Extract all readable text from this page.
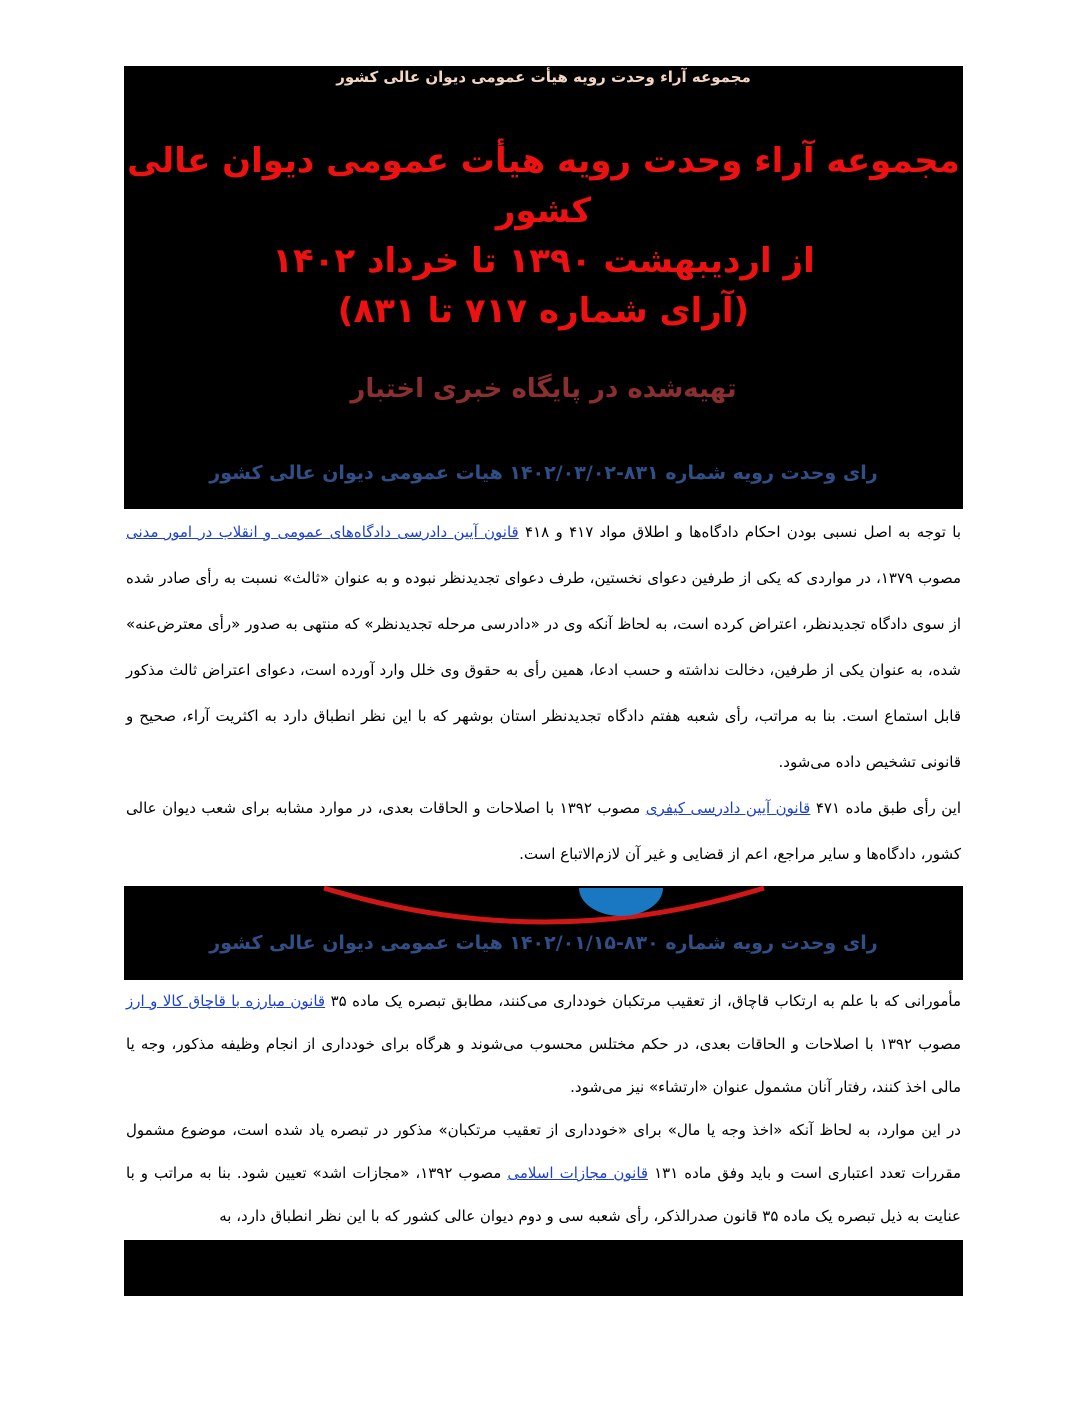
مجموعه آراء وحدت رویه هیأت عمومی دیوان عالی کشور

مجموعه آراء وحدت رویه هیأت عمومی دیوان عالی کشور

از اردیبهشت ۱۳۹۰ تا خرداد ۱۴۰۲

(آرای شماره ۷۱۷ تا ۸۳۱)

تهیه‌شده در پایگاه خبری اختبار
رای وحدت رویه شماره ۸۳۱-۱۴۰۲/۰۳/۰۲ هیات عمومی دیوان عالی کشور

با توجه به اصل نسبی بودن احکام دادگاه‌ها و اطلاق مواد ۴۱۷ و ۴۱۸ قانون آیین دادرسی دادگاه‌های عمومی و انقلاب در امور مدنی مصوب ۱۳۷۹، در مواردی که یکی از طرفین دعوای نخستین، طرف دعوای تجدیدنظر نبوده و به عنوان «ثالث» نسبت به رأی صادر شده از سوی دادگاه تجدیدنظر، اعتراض کرده است، به لحاظ آنکه وی در «دادرسی مرحله تجدیدنظر» که منتهی به صدور «رأی معترض‌عنه» شده، به عنوان یکی از طرفین، دخالت نداشته و حسب ادعا، همین رأی به حقوق وی خلل وارد آورده است، دعوای اعتراض ثالث مذکور قابل استماع است. بنا به مراتب، رأی شعبه هفتم دادگاه تجدیدنظر استان بوشهر که با این نظر انطباق دارد به اکثریت آراء، صحیح و قانونی تشخیص داده می‌شود.

این رأی طبق ماده ۴۷۱ قانون آیین دادرسی کیفری مصوب ۱۳۹۲ با اصلاحات و الحاقات بعدی، در موارد مشابه برای شعب دیوان عالی کشور، دادگاه‌ها و سایر مراجع، اعم از قضایی و غیر آن لازم‌الاتباع است.

رای وحدت رویه شماره ۸۳۰-۱۴۰۲/۰۱/۱۵ هیات عمومی دیوان عالی کشور

مأمورانی که با علم به ارتکاب قاچاق، از تعقیب مرتکبان خودداری می‌کنند، مطابق تبصره یک ماده ۳۵ قانون مبارزه با قاچاق کالا و ارز مصوب ۱۳۹۲ با اصلاحات و الحاقات بعدی، در حکم مختلس محسوب می‌شوند و هرگاه برای خودداری از انجام وظیفه مذکور، وجه یا مالی اخذ کنند، رفتار آنان مشمول عنوان «ارتشاء» نیز می‌شود.

در این موارد، به لحاظ آنکه «اخذ وجه یا مال» برای «خودداری از تعقیب مرتکبان» مذکور در تبصره یاد شده است، موضوع مشمول مقررات تعدد اعتباری است و باید وفق ماده ۱۳۱ قانون مجازات اسلامی مصوب ۱۳۹۲، «مجازات اشد» تعیین شود. بنا به مراتب و با عنایت به ذیل تبصره یک ماده ۳۵ قانون صدرالذکر، رأی شعبه سی و دوم دیوان عالی کشور که با این نظر انطباق دارد، به
